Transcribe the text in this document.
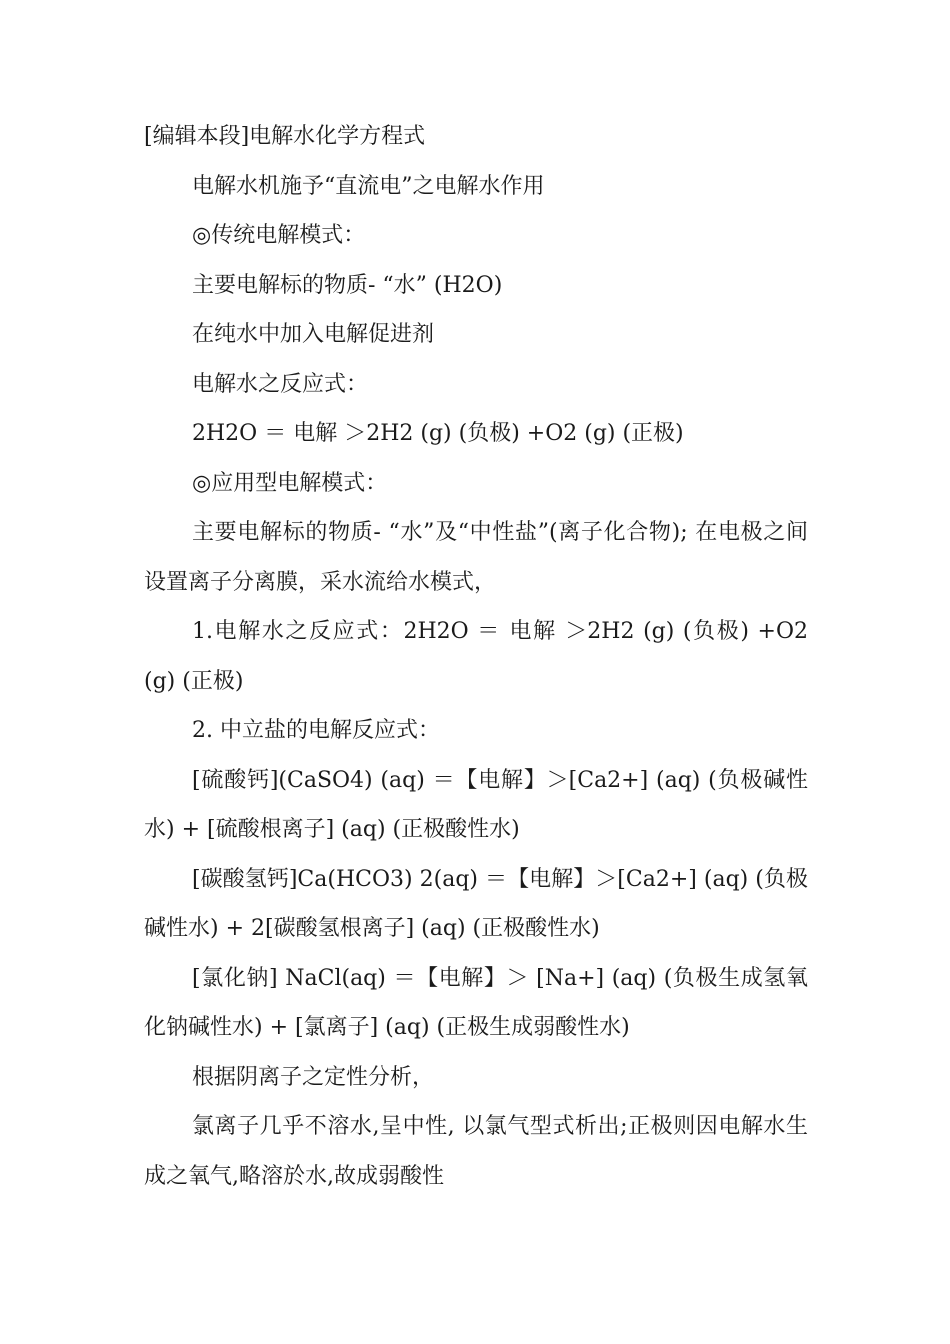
[编辑本段]电解水化学方程式

电解水机施予“直流电”之电解水作用

◎传统电解模式：

主要电解标的物质- “水” (H2O)

在纯水中加入电解促进剂

电解水之反应式：

2H2O ＝ 电解 ＞2H2 (g) (负极) +O2 (g) (正极)

◎应用型电解模式：

主要电解标的物质- “水”及“中性盐”(离子化合物); 在电极之间设置离子分离膜，采水流给水模式，

1.电解水之反应式：2H2O ＝ 电解 ＞2H2 (g) (负极) +O2 (g) (正极)

2. 中立盐的电解反应式：

[硫酸钙](CaSO4) (aq) ＝【电解】＞[Ca2+] (aq) (负极碱性水) + [硫酸根离子] (aq) (正极酸性水)

[碳酸氢钙]Ca(HCO3) 2(aq) ＝【电解】＞[Ca2+] (aq) (负极碱性水) + 2[碳酸氢根离子] (aq) (正极酸性水)

[氯化钠] NaCl(aq) ＝【电解】＞ [Na+] (aq) (负极生成氢氧化钠碱性水) + [氯离子] (aq) (正极生成弱酸性水)

根据阴离子之定性分析，

氯离子几乎不溶水,呈中性, 以氯气型式析出;正极则因电解水生成之氧气,略溶於水,故成弱酸性
